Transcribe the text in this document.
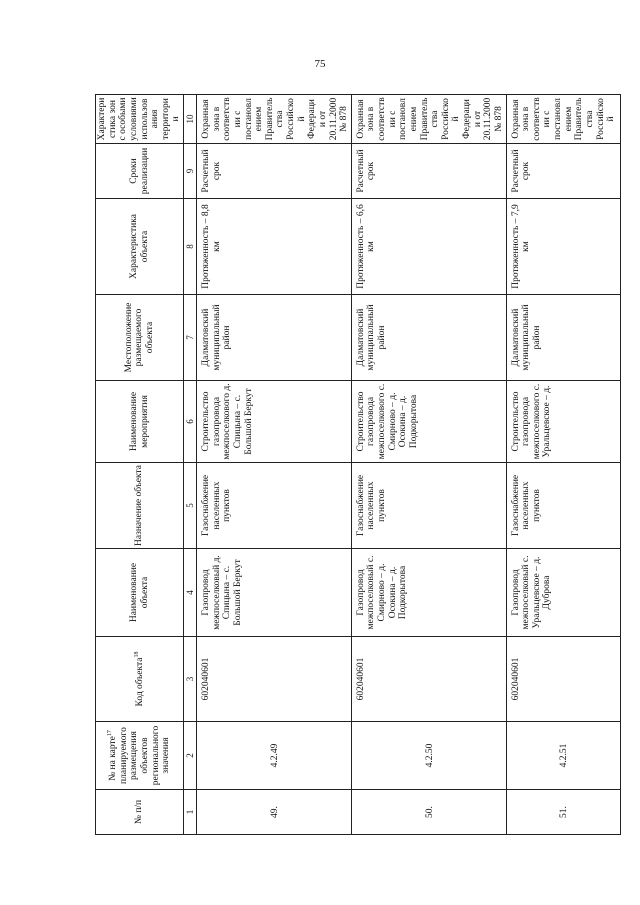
75
№ п/п	№ на карте$^{17}$ планируемого размещения объектов регионального значения	Код объекта$^{18}$	Наименование объекта	Назначение объекта	Наименование мероприятия	Местоположение размещаемого объекта	Характеристика объекта	Сроки реализации	Характеристика зон с особыми условиями использования территории
1	2	3	4	5	6	7	8	9	10
49.	4.2.49	602040601	Газопровод межпоселковый д. Спицына – с. Большой Беркут	Газоснабжение населенных пунктов	Строительство газопровода межпоселкового д. Спицына – с. Большой Беркут	Далматовский муниципальный район	Протяженность – 8,8 км	Расчетный срок	Охранная зона в соответствии с постановлением Правительства Российской Федерации от 20.11.2000 № 878
50.	4.2.50	602040601	Газопровод межпоселковый с. Смирново – д. Осокина – д. Подкорытова	Газоснабжение населенных пунктов	Строительство газопровода межпоселкового с. Смирново – д. Осокина – д. Подкорытова	Далматовский муниципальный район	Протяженность – 6,6 км	Расчетный срок	Охранная зона в соответствии с постановлением Правительства Российской Федерации от 20.11.2000 № 878
51.	4.2.51	602040601	Газопровод межпоселковый с. Уральцевское – д. Дуброва	Газоснабжение населенных пунктов	Строительство газопровода межпоселкового с. Уральцевское – д.	Далматовский муниципальный район	Протяженность – 7,9 км	Расчетный срок	Охранная зона в соответствии с постановлением Правительства Российской
